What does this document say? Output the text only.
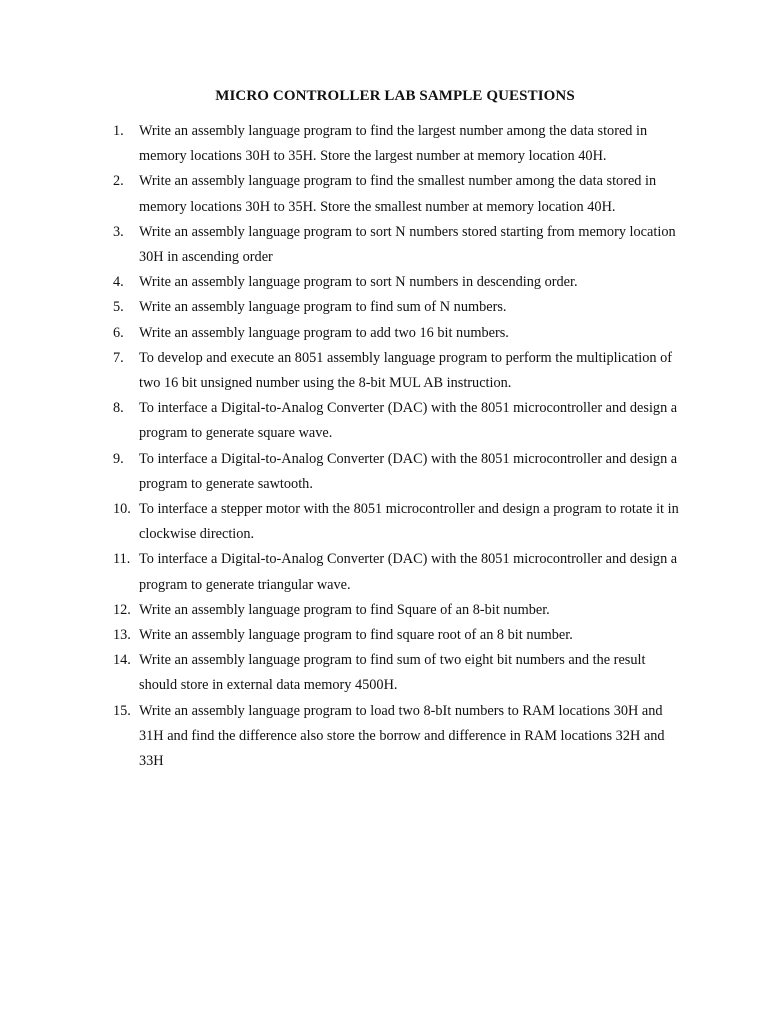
MICRO CONTROLLER LAB SAMPLE QUESTIONS
1.	Write an assembly language program to find the largest number among the data stored in memory locations 30H to 35H. Store the largest number at memory location 40H.
2.	Write an assembly language program to find the smallest number among the data stored in memory locations 30H to 35H. Store the smallest number at memory location 40H.
3.	Write an assembly language program to sort N numbers stored starting from memory location 30H in ascending order
4.	Write an assembly language program to sort N numbers in descending order.
5.	Write an assembly language program to find sum of N numbers.
6.	Write an assembly language program to add two 16 bit numbers.
7.	To develop and execute an 8051 assembly language program to perform the multiplication of two 16 bit unsigned number using the 8-bit MUL AB instruction.
8.	To interface a Digital-to-Analog Converter (DAC) with the 8051 microcontroller and design a program to generate square wave.
9.	To interface a Digital-to-Analog Converter (DAC) with the 8051 microcontroller and design a program to generate sawtooth.
10. To interface a stepper motor with the 8051 microcontroller and design a program to rotate it in clockwise direction.
11. To interface a Digital-to-Analog Converter (DAC) with the 8051 microcontroller and design a program to generate triangular wave.
12. Write an assembly language program to find Square of an 8-bit number.
13. Write an assembly language program to find square root of an 8 bit number.
14. Write an assembly language program to find sum of two eight bit numbers and the result should store in external data memory 4500H.
15. Write an assembly language program to load two 8-bIt numbers to RAM locations 30H and 31H and find the difference also store the borrow and difference in RAM locations 32H and 33H
